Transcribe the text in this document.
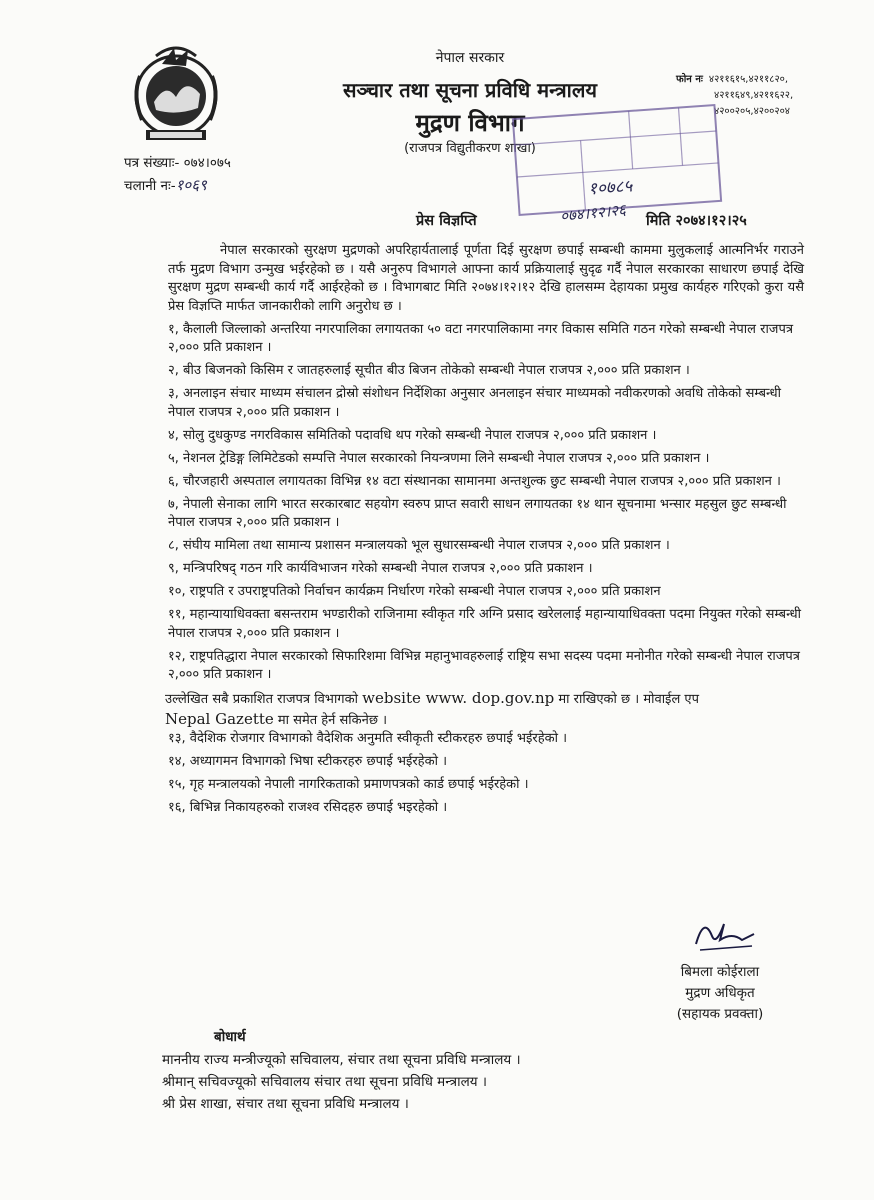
नेपाल सरकार
सञ्चार तथा सूचना प्रविधि मन्त्रालय
मुद्रण विभाग
(राजपत्र विद्युतीकरण शाखा)
फोन नः ४२११६१५,४२११८२०,
४२११६४९,४२११६२२,
४२००२०५,४२००२०४
पत्र संख्याः- ०७४।०७५
चलानी नः-१०६९	१०७८५
०७४।१२।२६
प्रेस विज्ञप्ति	मिति २०७४।१२।२५

नेपाल सरकारको सुरक्षण मुद्रणको अपरिहार्यतालाई पूर्णता दिई सुरक्षण छपाई सम्बन्धी काममा मुलुकलाई आत्मनिर्भर गराउने तर्फ मुद्रण विभाग उन्मुख भईरहेको छ । यसै अनुरुप विभागले आफ्ना कार्य प्रक्रियालाई सुदृढ गर्दै नेपाल सरकारका साधारण छपाई देखि सुरक्षण मुद्रण सम्बन्धी कार्य गर्दै आईरहेको छ । विभागबाट मिति २०७४।१२।१२ देखि हालसम्म देहायका प्रमुख कार्यहरु गरिएको कुरा यसै प्रेस विज्ञप्ति मार्फत जानकारीको लागि अनुरोध छ ।

१, कैलाली जिल्लाको अन्तरिया नगरपालिका लगायतका ५० वटा नगरपालिकामा नगर विकास समिति गठन गरेको सम्बन्धी नेपाल राजपत्र २,००० प्रति प्रकाशन ।

२, बीउ बिजनको किसिम र जातहरुलाई सूचीत बीउ बिजन तोकेको सम्बन्धी नेपाल राजपत्र २,००० प्रति प्रकाशन ।

३, अनलाइन संचार माध्यम संचालन द्रोस्रो संशोधन निर्देशिका अनुसार अनलाइन संचार माध्यमको नवीकरणको अवधि तोकेको सम्बन्धी नेपाल राजपत्र २,००० प्रति प्रकाशन ।

४, सोलु दुधकुण्ड नगरविकास समितिको पदावधि थप गरेको सम्बन्धी नेपाल राजपत्र २,००० प्रति प्रकाशन ।

५, नेशनल ट्रेडिङ्ग लिमिटेडको सम्पत्ति नेपाल सरकारको नियन्त्रणमा लिने सम्बन्धी नेपाल राजपत्र २,००० प्रति प्रकाशन ।

६, चौरजहारी अस्पताल लगायतका विभिन्न १४ वटा संस्थानका सामानमा अन्तशुल्क छुट सम्बन्धी नेपाल राजपत्र २,००० प्रति प्रकाशन ।

७, नेपाली सेनाका लागि भारत सरकारबाट सहयोग स्वरुप प्राप्त सवारी साधन लगायतका १४ थान सूचनामा भन्सार महसुल छुट सम्बन्धी नेपाल राजपत्र २,००० प्रति प्रकाशन ।

८, संघीय मामिला तथा सामान्य प्रशासन मन्त्रालयको भूल सुधारसम्बन्धी नेपाल राजपत्र २,००० प्रति प्रकाशन ।

९, मन्त्रिपरिषद् गठन गरि कार्यविभाजन गरेको सम्बन्धी नेपाल राजपत्र २,००० प्रति प्रकाशन ।

१०, राष्ट्रपति र उपराष्ट्रपतिको निर्वाचन कार्यक्रम निर्धारण गरेको सम्बन्धी नेपाल राजपत्र २,००० प्रति प्रकाशन

११, महान्यायाधिवक्ता बसन्तराम भण्डारीको राजिनामा स्वीकृत गरि अग्नि प्रसाद खरेललाई महान्यायाधिवक्ता पदमा नियुक्त गरेको सम्बन्धी नेपाल राजपत्र २,००० प्रति प्रकाशन ।

१२, राष्ट्रपतिद्धारा नेपाल सरकारको सिफारिशमा विभिन्न महानुभावहरुलाई राष्ट्रिय सभा सदस्य पदमा मनोनीत गरेको सम्बन्धी नेपाल राजपत्र २,००० प्रति प्रकाशन ।

उल्लेखित सबै प्रकाशित राजपत्र विभागको website www. dop.gov.np मा राखिएको छ । मोवाईल एप
Nepal Gazette मा समेत हेर्न सकिनेछ ।

१३, वैदेशिक रोजगार विभागको वैदेशिक अनुमति स्वीकृती स्टीकरहरु छपाई भईरहेको ।

१४, अध्यागमन विभागको भिषा स्टीकरहरु छपाई भईरहेको ।

१५, गृह मन्त्रालयको नेपाली नागरिकताको प्रमाणपत्रको कार्ड छपाई भईरहेको ।

१६, बिभिन्न निकायहरुको राजश्व रसिदहरु छपाई भइरहेको ।

बिमला कोईराला
मुद्रण अधिकृत
(सहायक प्रवक्ता)
बोधार्थ
माननीय राज्य मन्त्रीज्यूको सचिवालय, संचार तथा सूचना प्रविधि मन्त्रालय ।
श्रीमान् सचिवज्यूको सचिवालय संचार तथा सूचना प्रविधि मन्त्रालय ।
श्री प्रेस शाखा, संचार तथा सूचना प्रविधि मन्त्रालय ।
